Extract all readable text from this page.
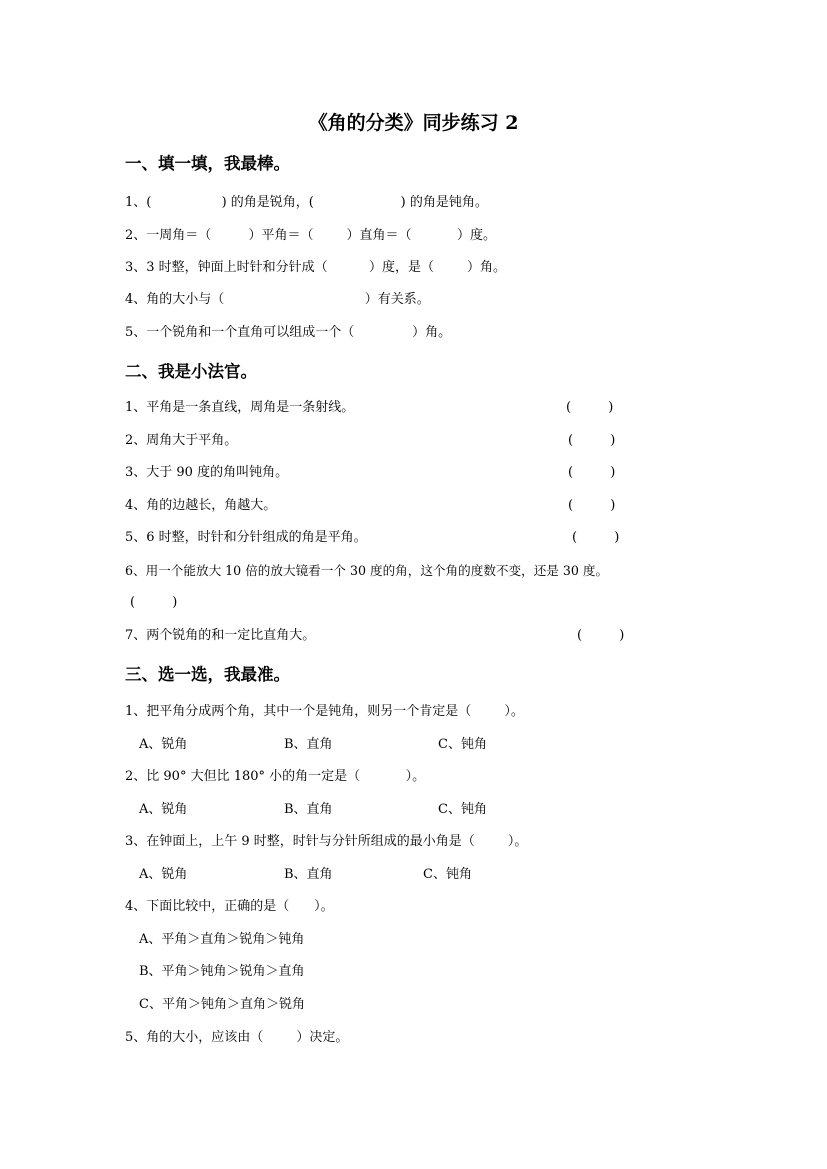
《角的分类》同步练习 2
一、填一填，我最棒。
1、(                 ) 的角是锐角，(                     ) 的角是钝角。
2、一周角＝（         ）平角＝（        ）直角＝（           ）度。
3、3 时整，钟面上时针和分针成（          ）度，是（        ）角。
4、角的大小与（                                  ）有关系。
5、一个锐角和一个直角可以组成一个（              ）角。
二、我是小法官。
1、平角是一条直线，周角是一条射线。	(         )
2、周角大于平角。	(         )
3、大于 90 度的角叫钝角。	(         )
4、角的边越长，角越大。	(         )
5、6 时整，时针和分针组成的角是平角。	(         )
6、用一个能放大 10 倍的放大镜看一个 30 度的角，这个角的度数不变，还是 30 度。
(         )
7、两个锐角的和一定比直角大。	(         )
三、选一选，我最准。
1、把平角分成两个角，其中一个是钝角，则另一个肯定是（        ）。
A、锐角	B、直角	C、钝角
2、比 90° 大但比 180° 小的角一定是（           ）。
A、锐角	B、直角	C、钝角
3、在钟面上，上午 9 时整，时针与分针所组成的最小角是（        ）。
A、锐角	B、直角	C、钝角
4、下面比较中，正确的是（      ）。
A、平角＞直角＞锐角＞钝角
B、平角＞钝角＞锐角＞直角
C、平角＞钝角＞直角＞锐角
5、角的大小，应该由（        ）决定。
